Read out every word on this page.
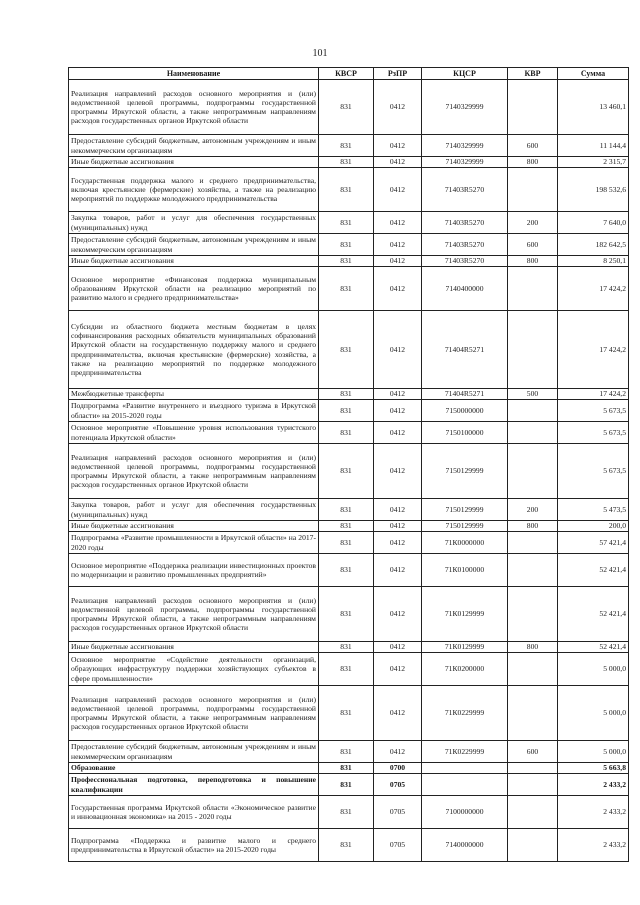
101
Наименование	КВСР	РзПР	КЦСР	КВР	Сумма
Реализация направлений расходов основного мероприятия и (или) ведомственной целевой программы, подпрограммы государственной программы Иркутской области, а также непрограммным направлениям расходов государственных органов Иркутской области	831	0412	7140329999		13 460,1
Предоставление субсидий бюджетным, автономным учреждениям и иным некоммерческим организациям	831	0412	7140329999	600	11 144,4
Иные бюджетные ассигнования	831	0412	7140329999	800	2 315,7
Государственная поддержка малого и среднего предпринимательства, включая крестьянские (фермерские) хозяйства, а также на реализацию мероприятий по поддержке молодежного предпринимательства	831	0412	71403R5270		198 532,6
Закупка товаров, работ и услуг для обеспечения государственных (муниципальных) нужд	831	0412	71403R5270	200	7 640,0
Предоставление субсидий бюджетным, автономным учреждениям и иным некоммерческим организациям	831	0412	71403R5270	600	182 642,5
Иные бюджетные ассигнования	831	0412	71403R5270	800	8 250,1
Основное мероприятие «Финансовая поддержка муниципальным образованиям Иркутской области на реализацию мероприятий по развитию малого и среднего предпринимательства»	831	0412	7140400000		17 424,2
Субсидии из областного бюджета местным бюджетам в целях софинансирования расходных обязательств муниципальных образований Иркутской области на государственную поддержку малого и среднего предпринимательства, включая крестьянские (фермерские) хозяйства, а также на реализацию мероприятий по поддержке молодежного предпринимательства	831	0412	71404R5271		17 424,2
Межбюджетные трансферты	831	0412	71404R5271	500	17 424,2
Подпрограмма «Развитие внутреннего и въездного туризма в Иркутской области» на 2015-2020 годы	831	0412	7150000000		5 673,5
Основное мероприятие «Повышение уровня использования туристского потенциала Иркутской области»	831	0412	7150100000		5 673,5
Реализация направлений расходов основного мероприятия и (или) ведомственной целевой программы, подпрограммы государственной программы Иркутской области, а также непрограммным направлениям расходов государственных органов Иркутской области	831	0412	7150129999		5 673,5
Закупка товаров, работ и услуг для обеспечения государственных (муниципальных) нужд	831	0412	7150129999	200	5 473,5
Иные бюджетные ассигнования	831	0412	7150129999	800	200,0
Подпрограмма «Развитие промышленности в Иркутской области» на 2017-2020 годы	831	0412	71К0000000		57 421,4
Основное мероприятие «Поддержка реализации инвестиционных проектов по модернизации и развитию промышленных предприятий»	831	0412	71К0100000		52 421,4
Реализация направлений расходов основного мероприятия и (или) ведомственной целевой программы, подпрограммы государственной программы Иркутской области, а также непрограммным направлениям расходов государственных органов Иркутской области	831	0412	71К0129999		52 421,4
Иные бюджетные ассигнования	831	0412	71К0129999	800	52 421,4
Основное мероприятие «Содействие деятельности организаций, образующих инфраструктуру поддержки хозяйствующих субъектов в сфере промышленности»	831	0412	71К0200000		5 000,0
Реализация направлений расходов основного мероприятия и (или) ведомственной целевой программы, подпрограммы государственной программы Иркутской области, а также непрограммным направлениям расходов государственных органов Иркутской области	831	0412	71К0229999		5 000,0
Предоставление субсидий бюджетным, автономным учреждениям и иным некоммерческим организациям	831	0412	71К0229999	600	5 000,0
Образование	831	0700			5 663,8
Профессиональная подготовка, переподготовка и повышение квалификации	831	0705			2 433,2
Государственная программа Иркутской области «Экономическое развитие и инновационная экономика» на 2015 - 2020 годы	831	0705	7100000000		2 433,2
Подпрограмма «Поддержка и развитие малого и среднего предпринимательства в Иркутской области» на 2015-2020 годы	831	0705	7140000000		2 433,2
